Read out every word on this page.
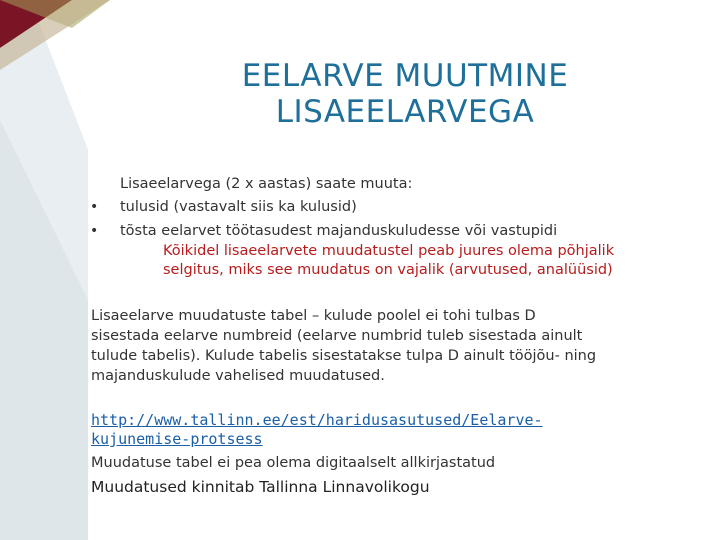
EELARVE MUUTMINE
LISAEELARVEGA
Lisaeelarvega (2 x aastas) saate muuta:
• tulusid (vastavalt siis ka kulusid)
• tõsta eelarvet töötasudest majanduskuludesse või vastupidi
Kõikidel lisaeelarvete muudatustel peab juures olema põhjalik
selgitus, miks see muudatus on vajalik (arvutused, analüüsid)
Lisaeelarve muudatuste tabel – kulude poolel ei tohi tulbas D
sisestada eelarve numbreid (eelarve numbrid tuleb sisestada ainult
tulude tabelis). Kulude tabelis sisestatakse tulpa D ainult tööjõu- ning
majanduskulude vahelised muudatused.
http://www.tallinn.ee/est/haridusasutused/Eelarve-
kujunemise-protsess
Muudatuse tabel ei pea olema digitaalselt allkirjastatud
Muudatused kinnitab Tallinna Linnavolikogu
